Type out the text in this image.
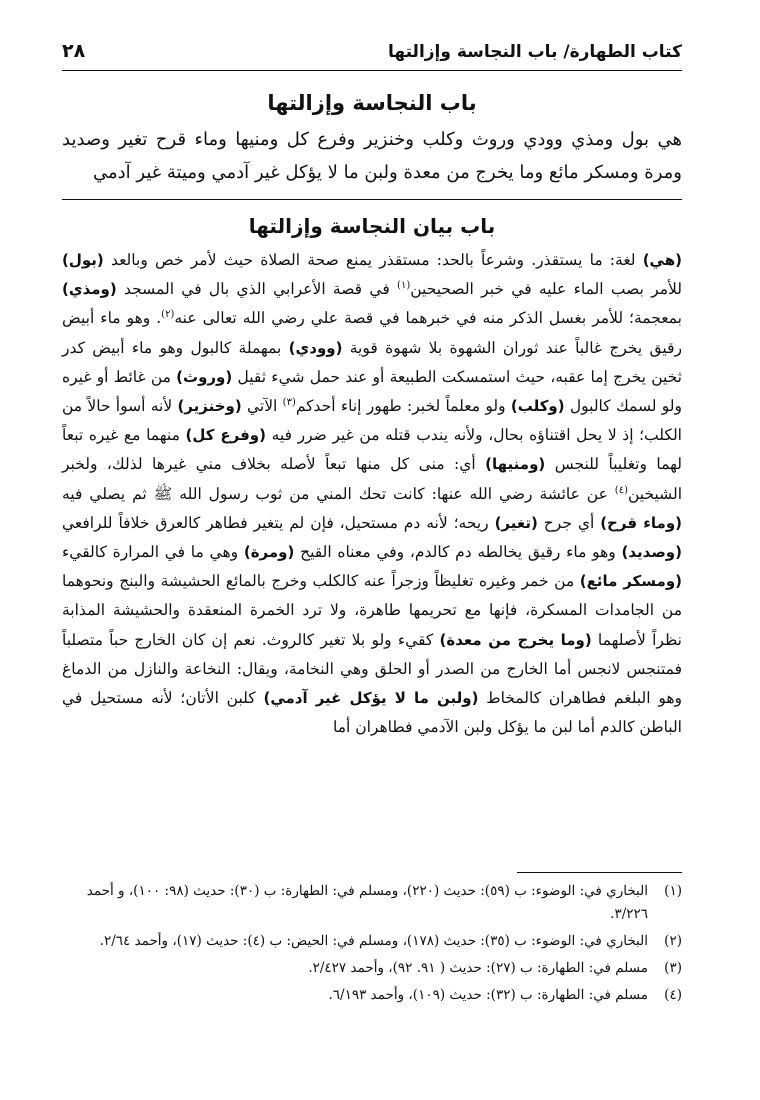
كتاب الطهارة/ باب النجاسة وإزالتها
٢٨
باب النجاسة وإزالتها

هي بول ومذي وودي وروث وكلب وخنزير وفرع كل ومنيها وماء قرح تغير وصديد ومرة ومسكر مائع وما يخرج من معدة ولبن ما لا يؤكل غير آدمي وميتة غير آدمي

باب بيان النجاسة وإزالتها

(هي) لغة: ما يستقذر. وشرعاً بالحد: مستقذر يمنع صحة الصلاة حيث لأمر خص وبالعد (بول) للأمر بصب الماء عليه في خبر الصحيحين$^{(١)}$ في قصة الأعرابي الذي بال في المسجد (ومذي) بمعجمة؛ للأمر بغسل الذكر منه في خبرهما في قصة علي رضي الله تعالى عنه$^{(٢)}$. وهو ماء أبيض رقيق يخرج غالباً عند ثوران الشهوة بلا شهوة قوية (وودي) بمهملة كالبول وهو ماء أبيض كدر ثخين يخرج إما عقبه، حيث استمسكت الطبيعة أو عند حمل شيء ثقيل (وروث) من غائط أو غيره ولو لسمك كالبول (وكلب) ولو معلماً لخبر: طهور إناء أحدكم$^{(٣)}$ الآتي (وخنزير) لأنه أسوأ حالاً من الكلب؛ إذ لا يحل اقتناؤه بحال، ولأنه يندب قتله من غير ضرر فيه (وفرع كل) منهما مع غيره تبعاً لهما وتغليباً للنجس (ومنيها) أي: منى كل منها تبعاً لأصله بخلاف مني غيرها لذلك، ولخبر الشيخين$^{(٤)}$ عن عائشة رضي الله عنها: كانت تحك المني من ثوب رسول الله ﷺ ثم يصلي فيه (وماء قرح) أي جرح (تغير) ريحه؛ لأنه دم مستحيل، فإن لم يتغير فطاهر كالعرق خلافاً للرافعي (وصديد) وهو ماء رقيق يخالطه دم كالدم، وفي معناه القيح (ومرة) وهي ما في المرارة كالقيء (ومسكر مائع) من خمر وغيره تغليظاً وزجراً عنه كالكلب وخرج بالمائع الحشيشة والبنج ونحوهما من الجامدات المسكرة، فإنها مع تحريمها طاهرة، ولا ترد الخمرة المنعقدة والحشيشة المذابة نظراً لأصلهما (وما يخرج من معدة) كقيء ولو بلا تغير كالروث. نعم إن كان الخارج حباً متصلباً فمتنجس لانجس أما الخارج من الصدر أو الحلق وهي النخامة، ويقال: النخاعة والنازل من الدماغ وهو البلغم فطاهران كالمخاط (ولبن ما لا يؤكل غير آدمي) كلبن الأتان؛ لأنه مستحيل في الباطن كالدم أما لبن ما يؤكل ولبن الآدمي فطاهران أما

(١)
البخاري في: الوضوء: ب (٥٩): حديث (٢٢٠)، ومسلم في: الطهارة: ب (٣٠): حديث (٩٨: ١٠٠)، و أحمد ٣/٢٢٦.
(٢)
البخاري في: الوضوء: ب (٣٥): حديث (١٧٨)، ومسلم في: الحيض: ب (٤): حديث (١٧)، وأحمد ٢/٦٤.
(٣)
مسلم في: الطهارة: ب (٢٧): حديث ( ٩١. ٩٢)، وأحمد ٢/٤٢٧.
(٤)
مسلم في: الطهارة: ب (٣٢): حديث (١٠٩)، وأحمد ٦/١٩٣.
